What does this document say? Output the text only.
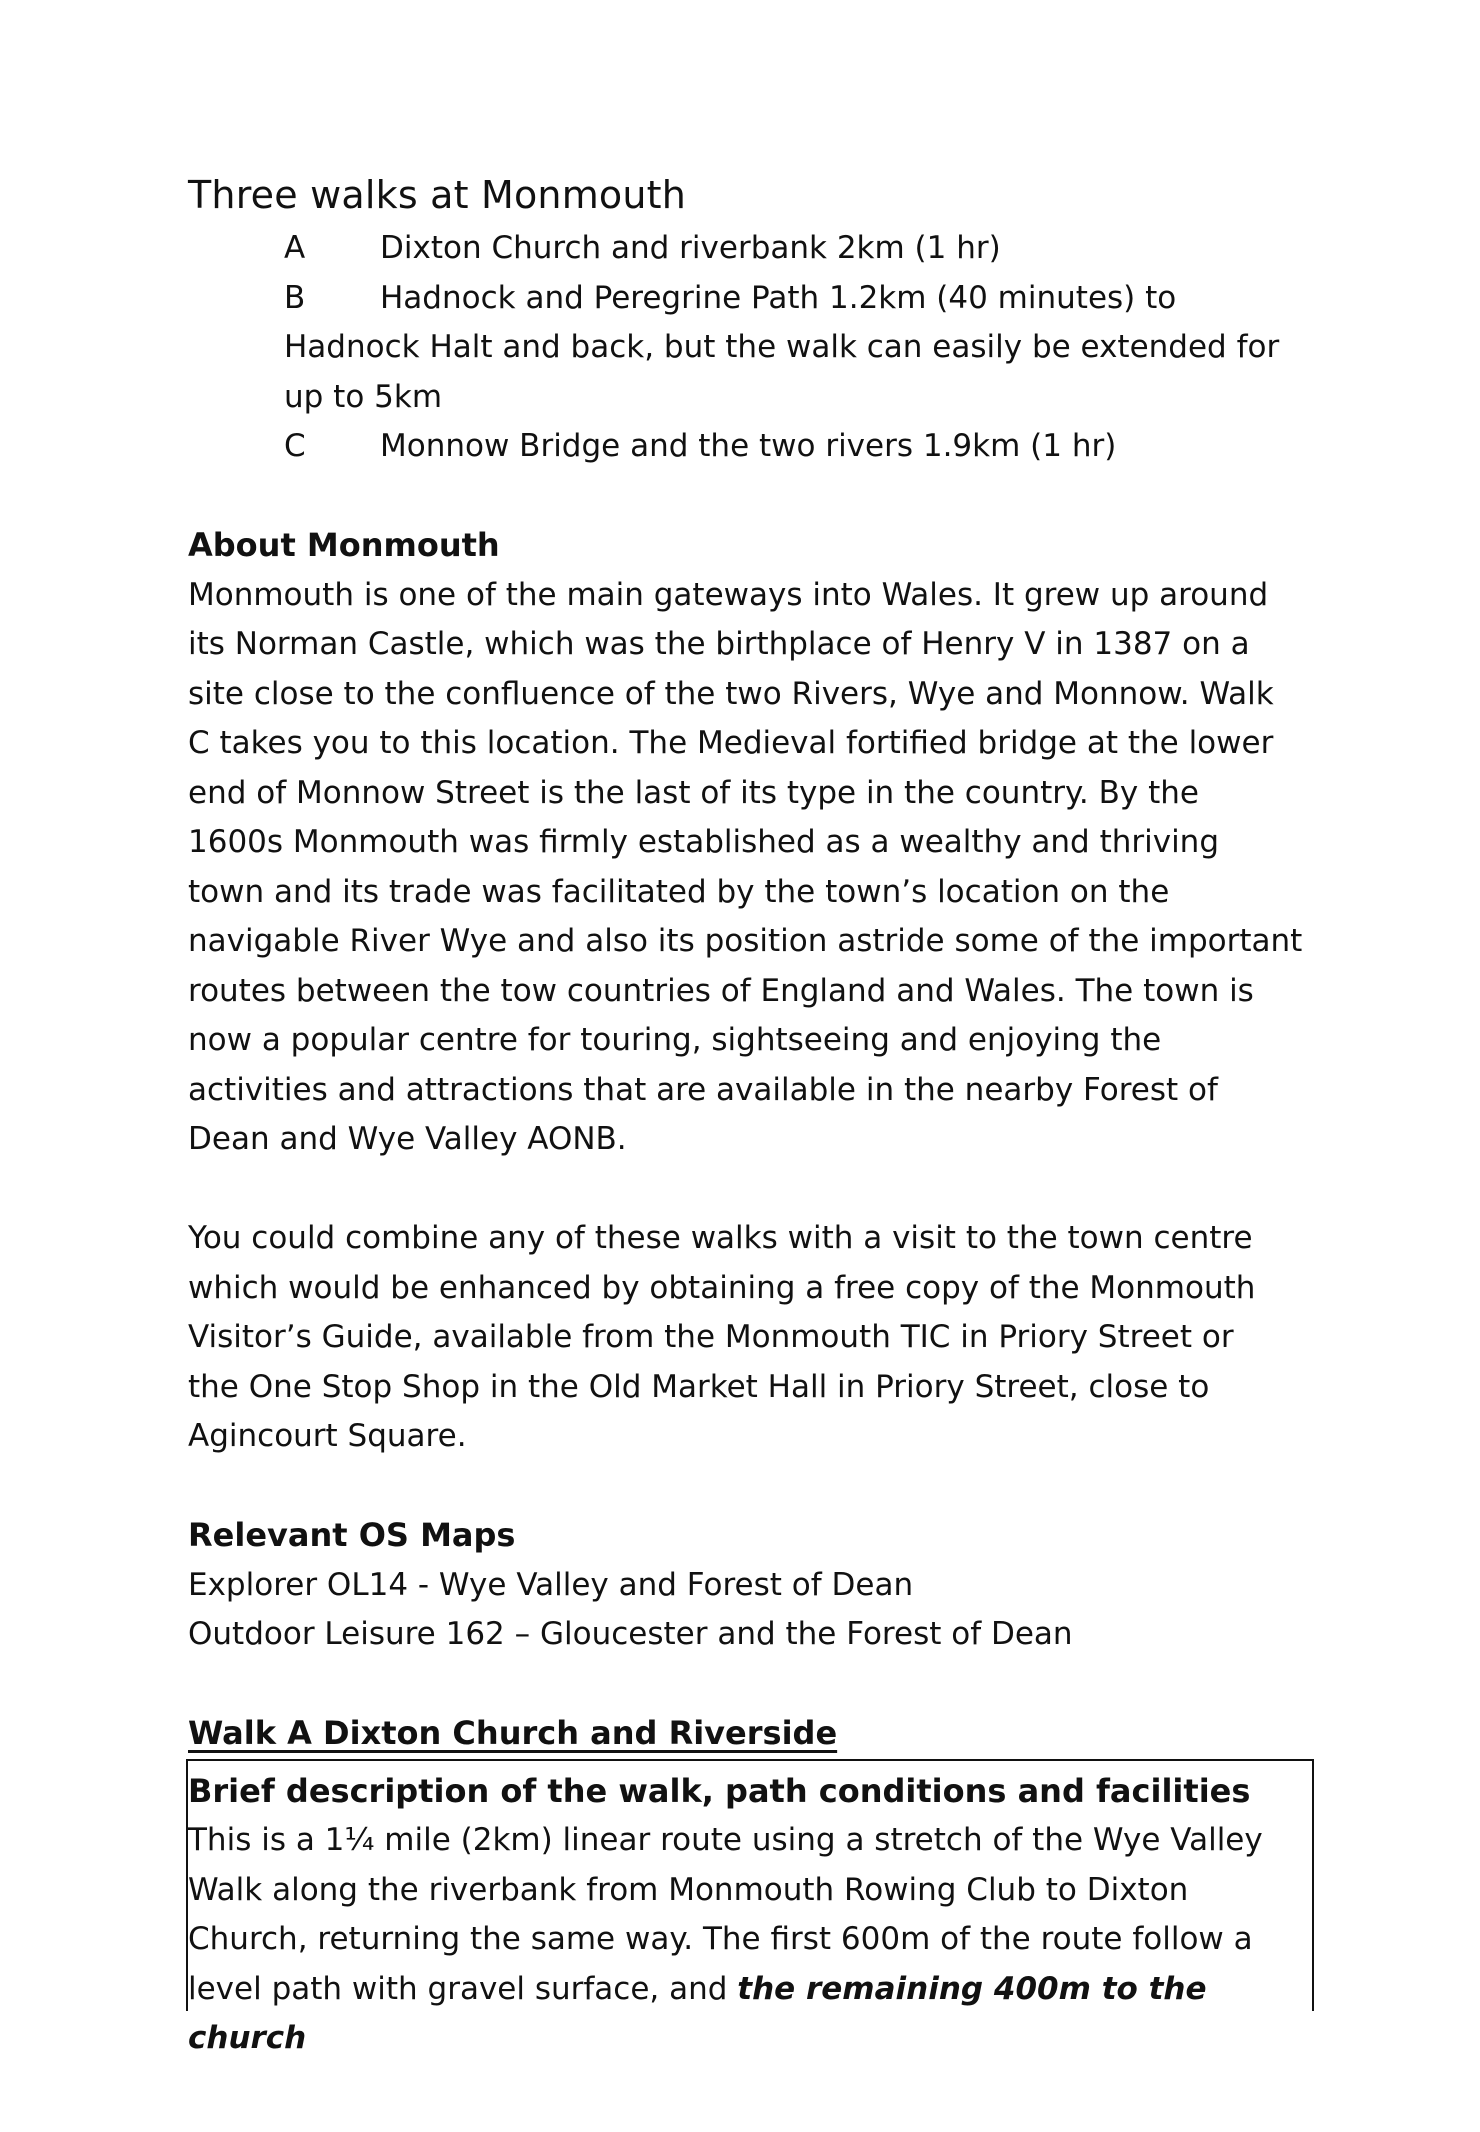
Three walks at Monmouth
A Dixton Church and riverbank 2km (1 hr)
B Hadnock and Peregrine Path 1.2km (40 minutes) to
Hadnock Halt and back, but the walk can easily be extended for
up to 5km
C Monnow Bridge and the two rivers 1.9km (1 hr)
About Monmouth

Monmouth is one of the main gateways into Wales. It grew up around

its Norman Castle, which was the birthplace of Henry V in 1387 on a

site close to the confluence of the two Rivers, Wye and Monnow. Walk

C takes you to this location. The Medieval fortified bridge at the lower

end of Monnow Street is the last of its type in the country. By the

1600s Monmouth was firmly established as a wealthy and thriving

town and its trade was facilitated by the town’s location on the

navigable River Wye and also its position astride some of the important

routes between the tow countries of England and Wales. The town is

now a popular centre for touring, sightseeing and enjoying the

activities and attractions that are available in the nearby Forest of

Dean and Wye Valley AONB.

You could combine any of these walks with a visit to the town centre

which would be enhanced by obtaining a free copy of the Monmouth

Visitor’s Guide, available from the Monmouth TIC in Priory Street or

the One Stop Shop in the Old Market Hall in Priory Street, close to

Agincourt Square.

Relevant OS Maps

Explorer OL14 - Wye Valley and Forest of Dean

Outdoor Leisure 162 – Gloucester and the Forest of Dean

Walk A Dixton Church and Riverside
Brief description of the walk, path conditions and facilities

This is a 1¼ mile (2km) linear route using a stretch of the Wye Valley

Walk along the riverbank from Monmouth Rowing Club to Dixton

Church, returning the same way. The first 600m of the route follow a

level path with gravel surface, and the remaining 400m to the church
